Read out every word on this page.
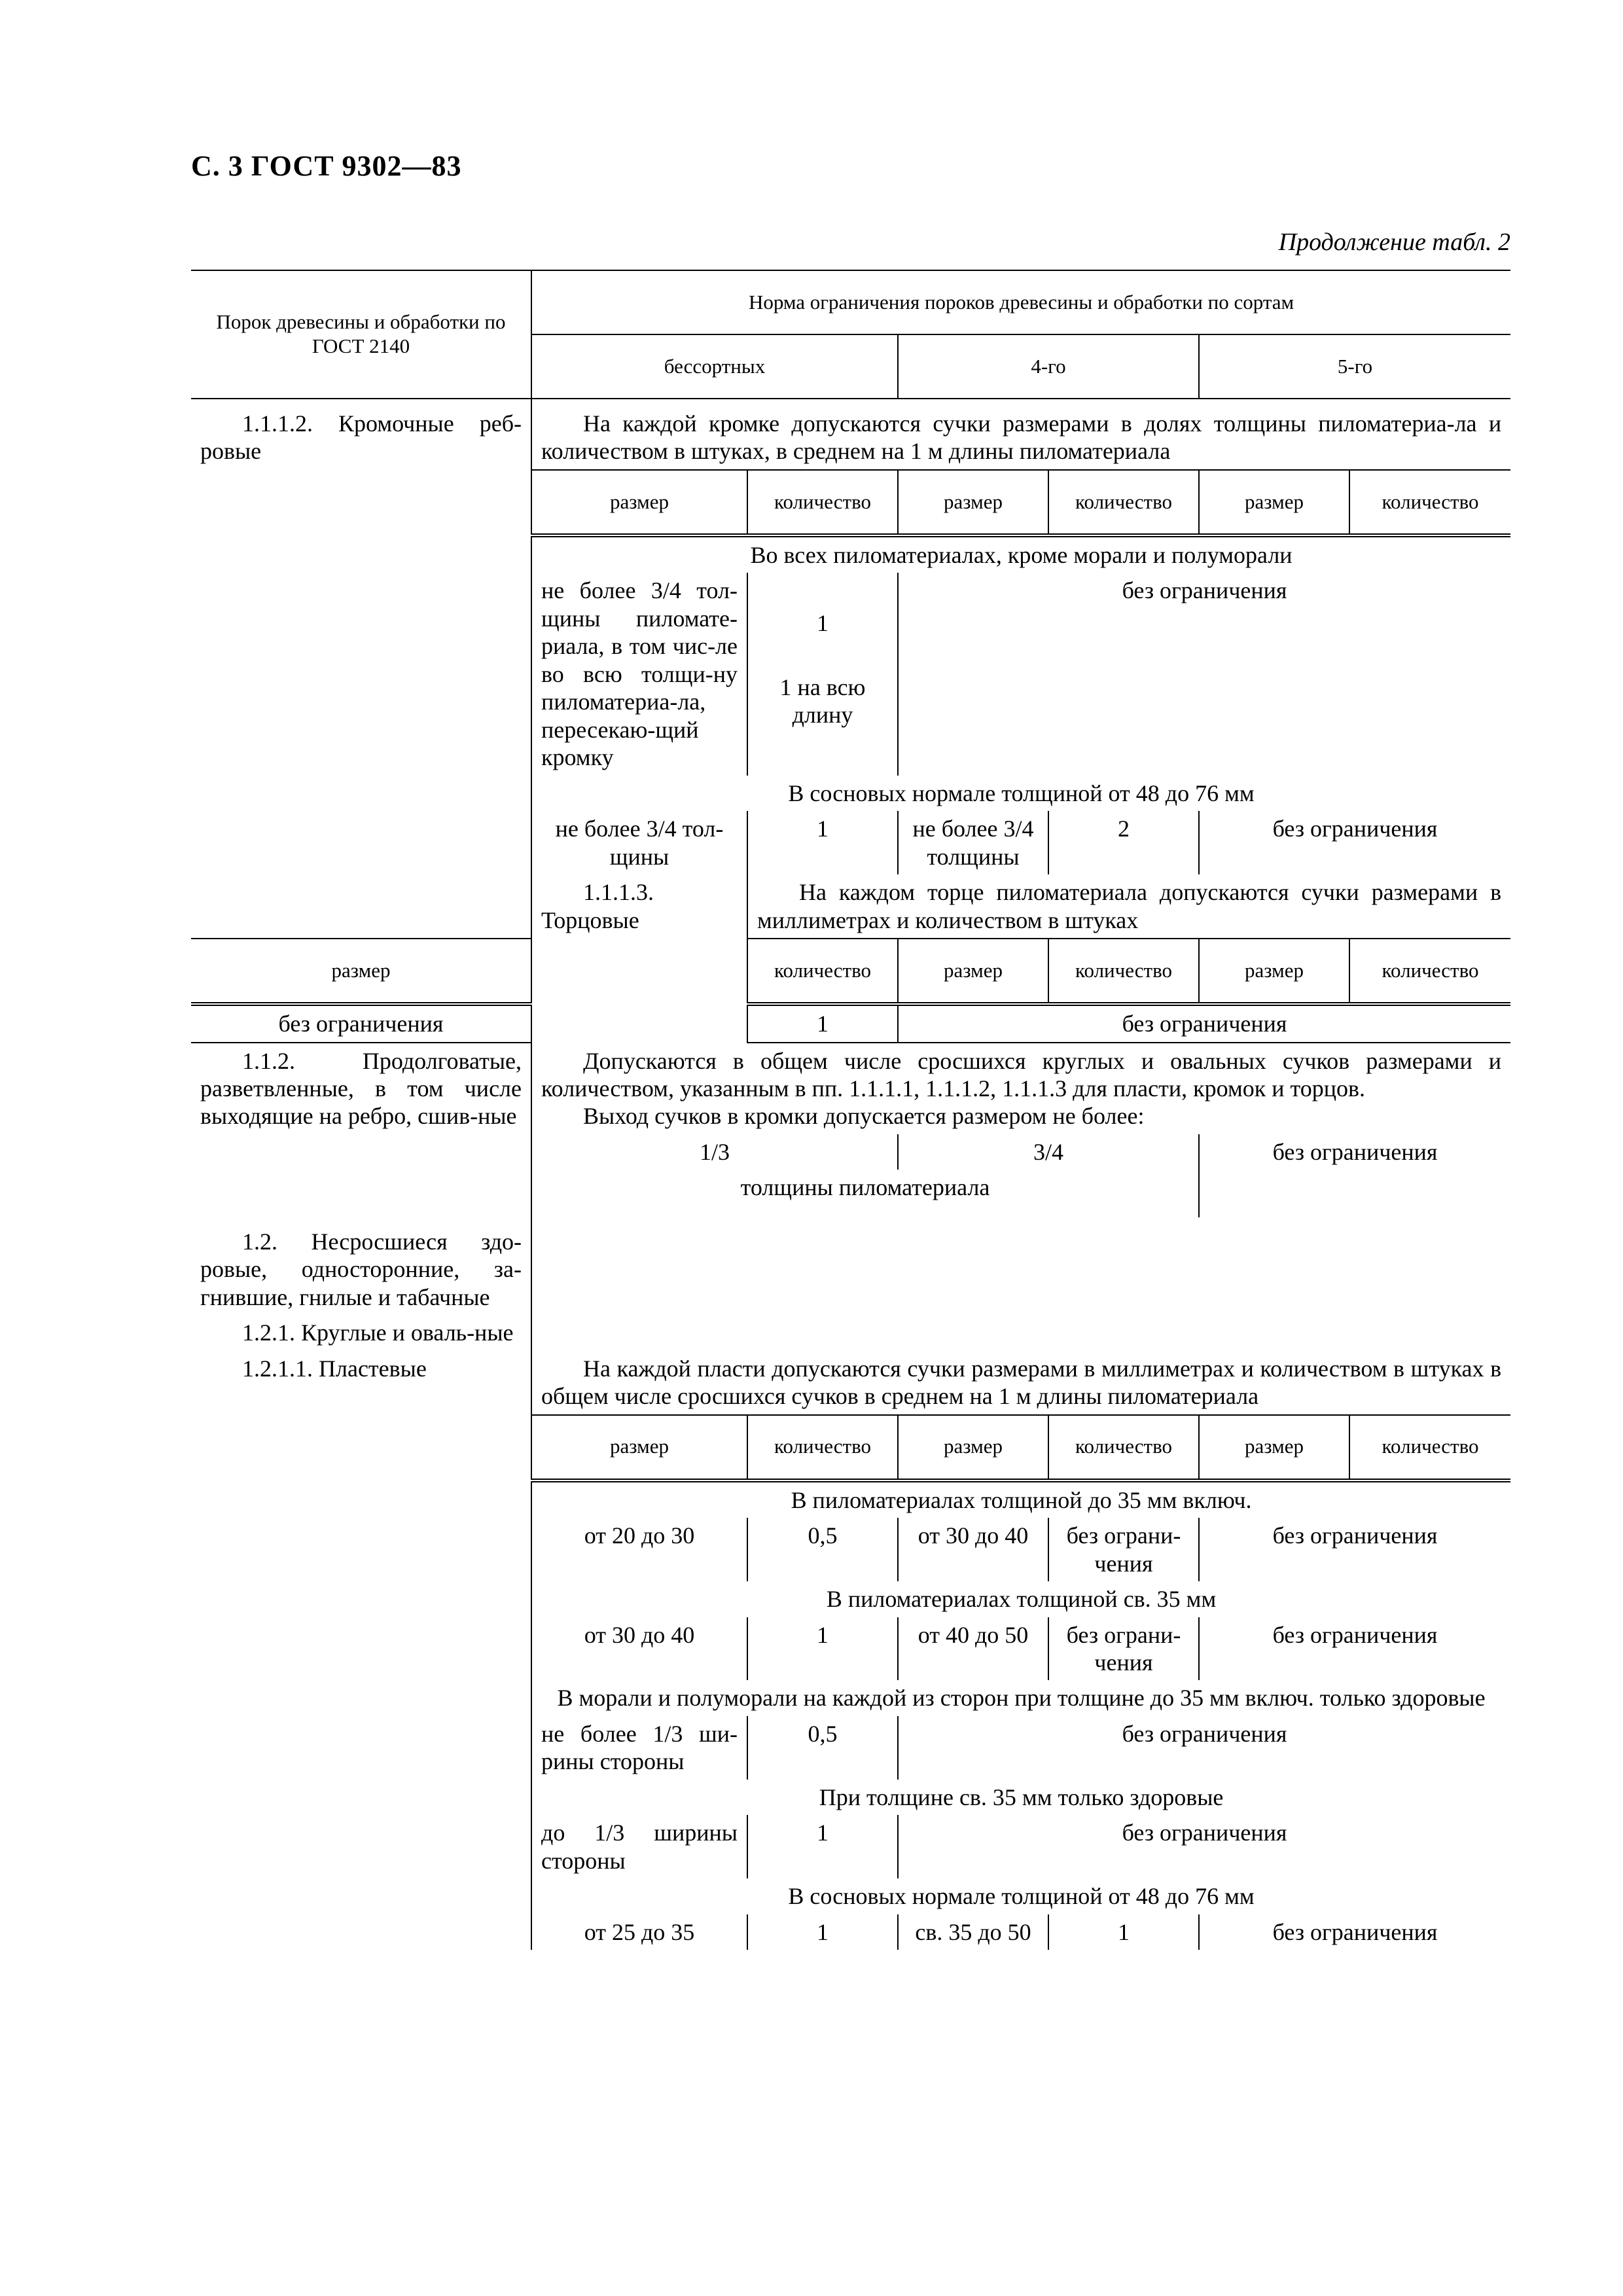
С. 3 ГОСТ 9302—83
Продолжение табл. 2
Порок древесины и обработки по ГОСТ 2140	Норма ограничения пороков древесины и обработки по сортам					
	бессортных		4-го		5-го	
1.1.1.2. Кромочные реб-ровые	На каждой кромке допускаются сучки размерами в долях толщины пиломатериа-ла и количеством в штуках, в среднем на 1 м длины пиломатериала					
	размер	количество	размер	количество	размер	количество
	Во всех пиломатериалах, кроме морали и полуморали					
	не более 3/4 тол-щины пиломате-риала, в том чис-ле во всю толщи-ну пиломатериа-ла, пересекаю-щий кромку	1	без ограничения			
		1 на всю длину				
	В сосновых нормале толщиной от 48 до 76 мм					
	не более 3/4 тол-щины	1	не более 3/4 толщины	2	без ограничения	
	1.1.1.3. Торцовые	На каждом торце пиломатериала допускаются сучки размерами в миллиметрах и количеством в штуках				
размер		количество	размер	количество	размер	количество
без ограничения		1	без ограничения			
1.1.2. Продолговатые, разветвленные, в том числе выходящие на ребро, сшив-ные	Допускаются в общем числе сросшихся круглых и овальных сучков размерами и количеством, указанным в пп. 1.1.1.1, 1.1.1.2, 1.1.1.3 для пласти, кромок и торцов.
Выход сучков в кромки допускается размером не более:					

	1/3		3/4		без ограничения	
	толщины пиломатериала					
1.2. Несросшиеся здо-ровые, односторонние, за-гнившие, гнилые и табачные						
1.2.1. Круглые и оваль-ные						
1.2.1.1. Пластевые	На каждой пласти допускаются сучки размерами в миллиметрах и количеством в штуках в общем числе сросшихся сучков в среднем на 1 м длины пиломатериала					
	размер	количество	размер	количество	размер	количество
	В пиломатериалах толщиной до 35 мм включ.					
	от 20 до 30	0,5	от 30 до 40	без ограни-чения	без ограничения	
	В пиломатериалах толщиной св. 35 мм					
	от 30 до 40	1	от 40 до 50	без ограни-чения	без ограничения	
	В морали и полуморали на каждой из сторон при толщине до 35 мм включ. только здоровые					
	не более 1/3 ши-рины стороны	0,5	без ограничения			
	При толщине св. 35 мм только здоровые					
	до 1/3 ширины стороны	1	без ограничения			
	В сосновых нормале толщиной от 48 до 76 мм					
	от 25 до 35	1	св. 35 до 50	1	без ограничения	
